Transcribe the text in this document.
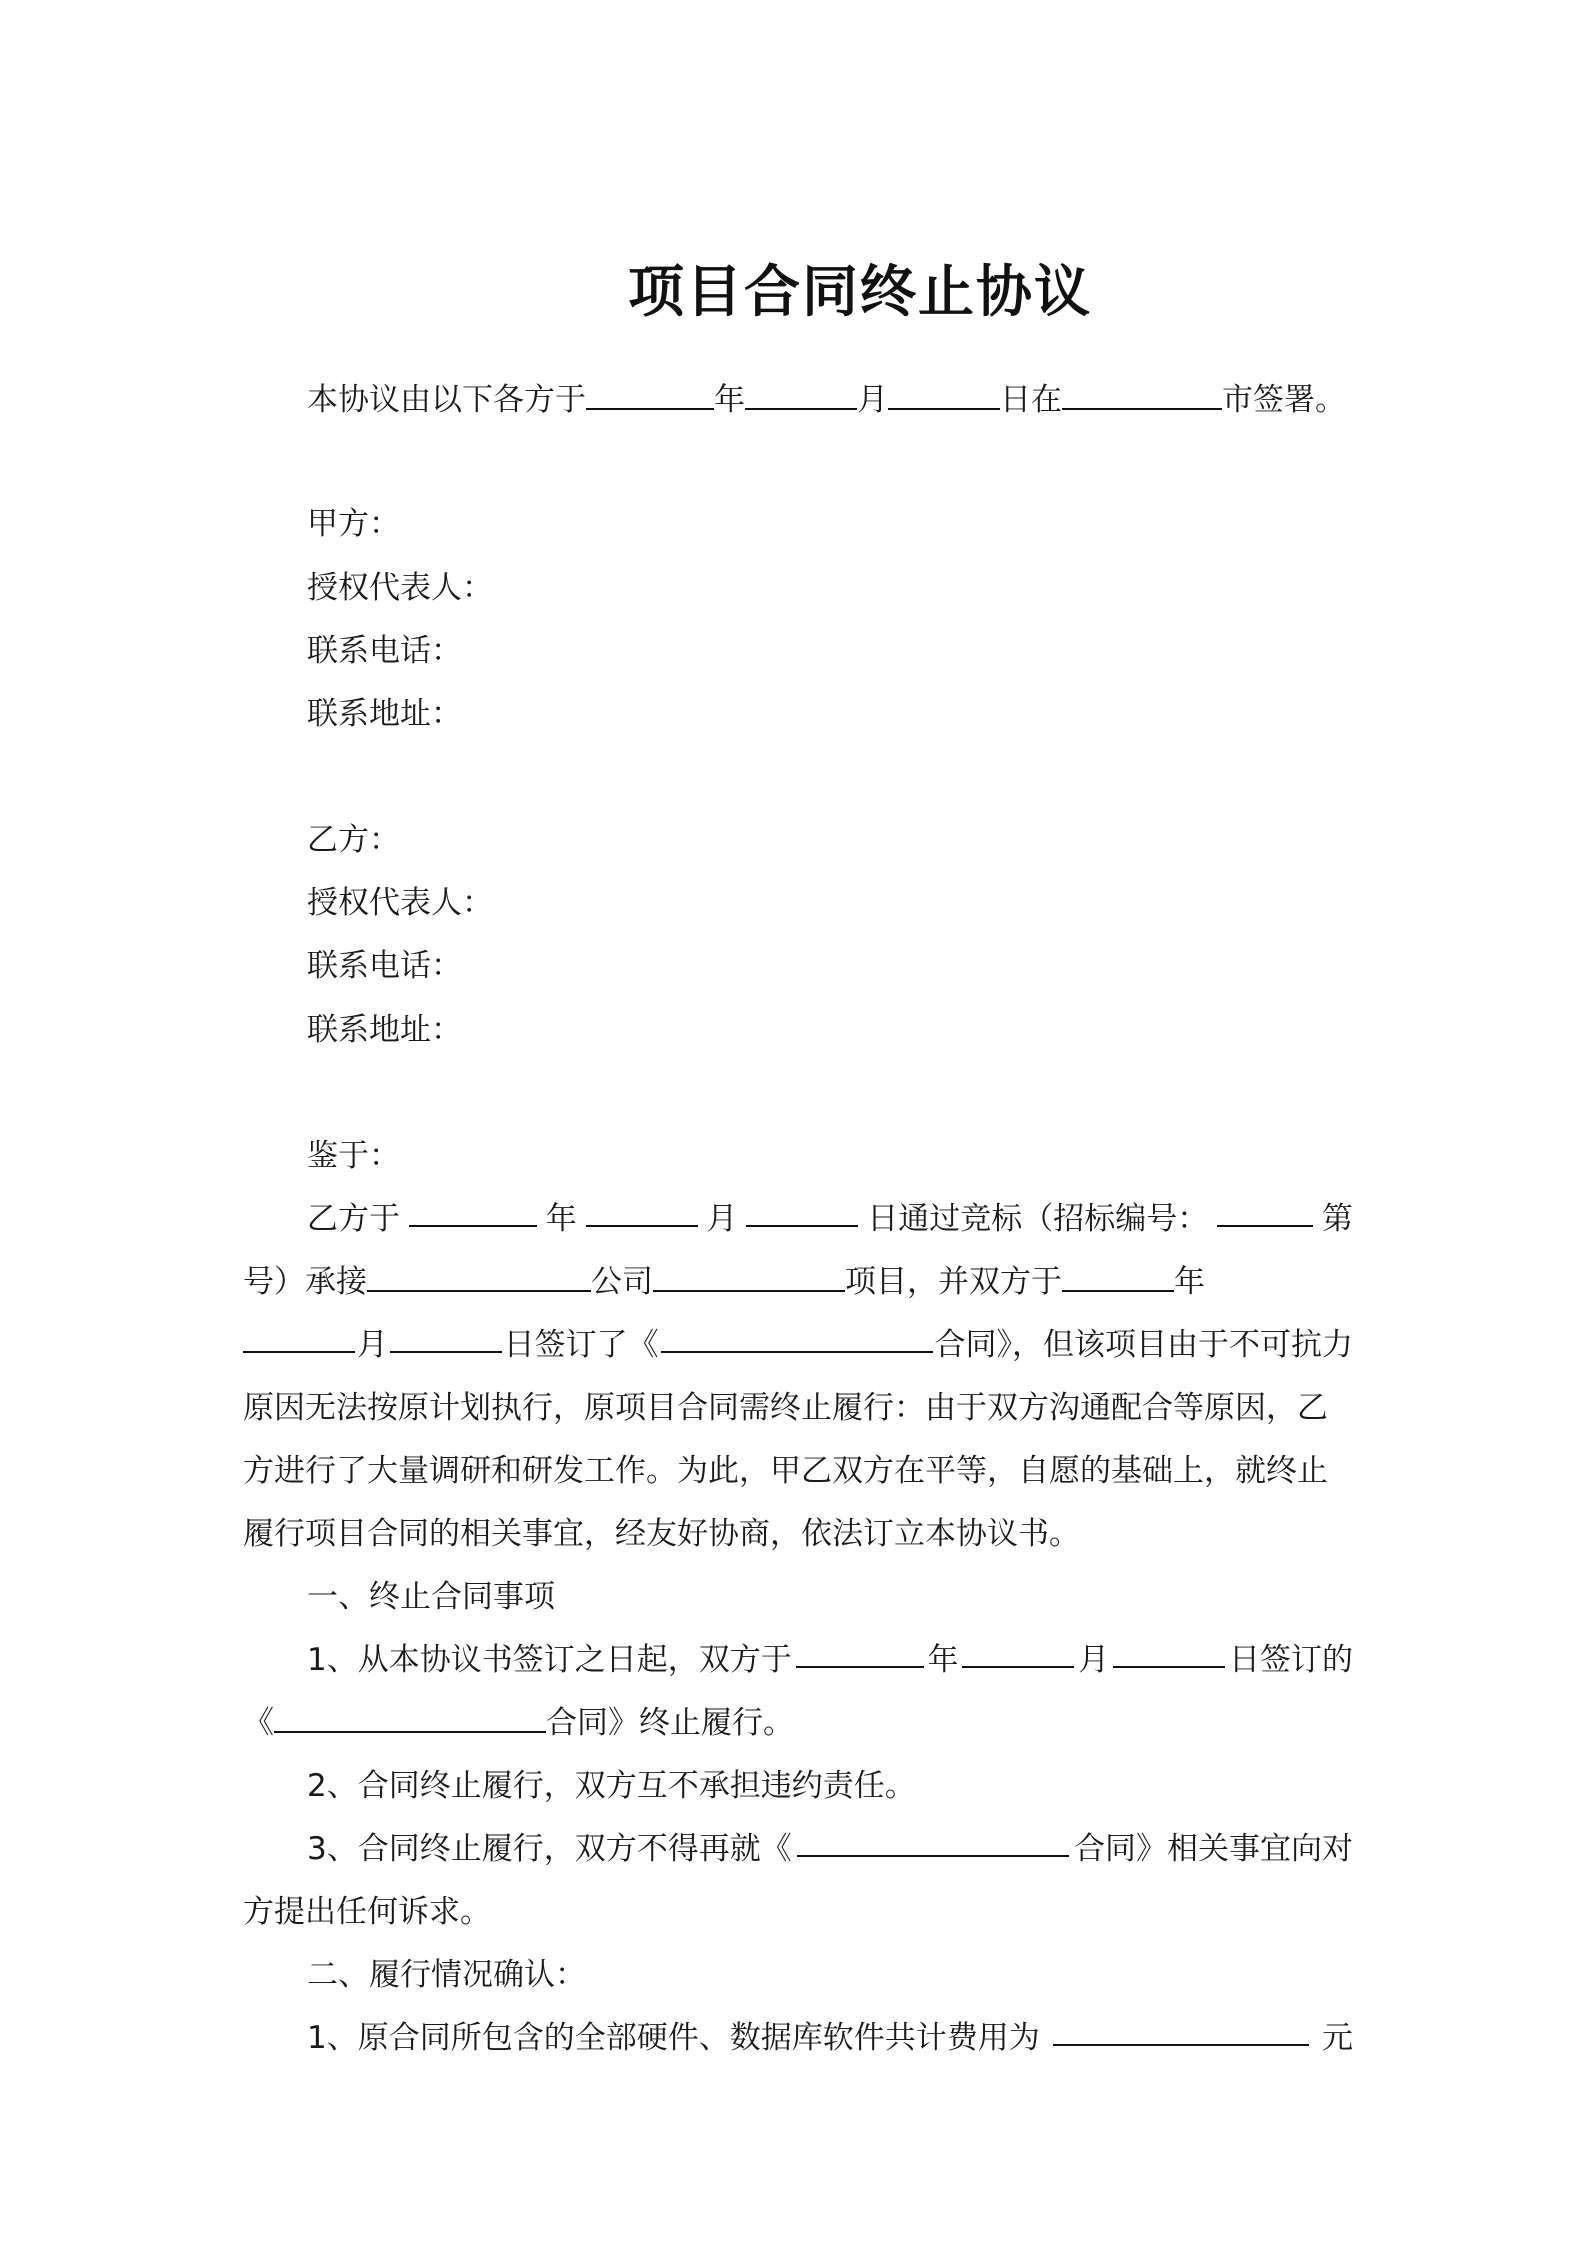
项目合同终止协议
本协议由以下各方于	年	月	日在	市签署。
甲方：
授权代表人：
联系电话：
联系地址：
乙方：
授权代表人：
联系电话：
联系地址：
鉴于：
乙方于	年	月	日通过竞标（招标编号：	第
号）承接	公司	项目，并双方于	年
月	日签订了《	合同》，但该项目由于不可抗力
原因无法按原计划执行，原项目合同需终止履行：由于双方沟通配合等原因，乙
方进行了大量调研和研发工作。为此，甲乙双方在平等，自愿的基础上，就终止
履行项目合同的相关事宜，经友好协商，依法订立本协议书。
一、终止合同事项
1、从本协议书签订之日起，双方于	年	月	日签订的
《	合同》终止履行。
2、合同终止履行，双方互不承担违约责任。
3、合同终止履行，双方不得再就《	合同》相关事宜向对
方提出任何诉求。
二、履行情况确认：
1、原合同所包含的全部硬件、数据库软件共计费用为	元
